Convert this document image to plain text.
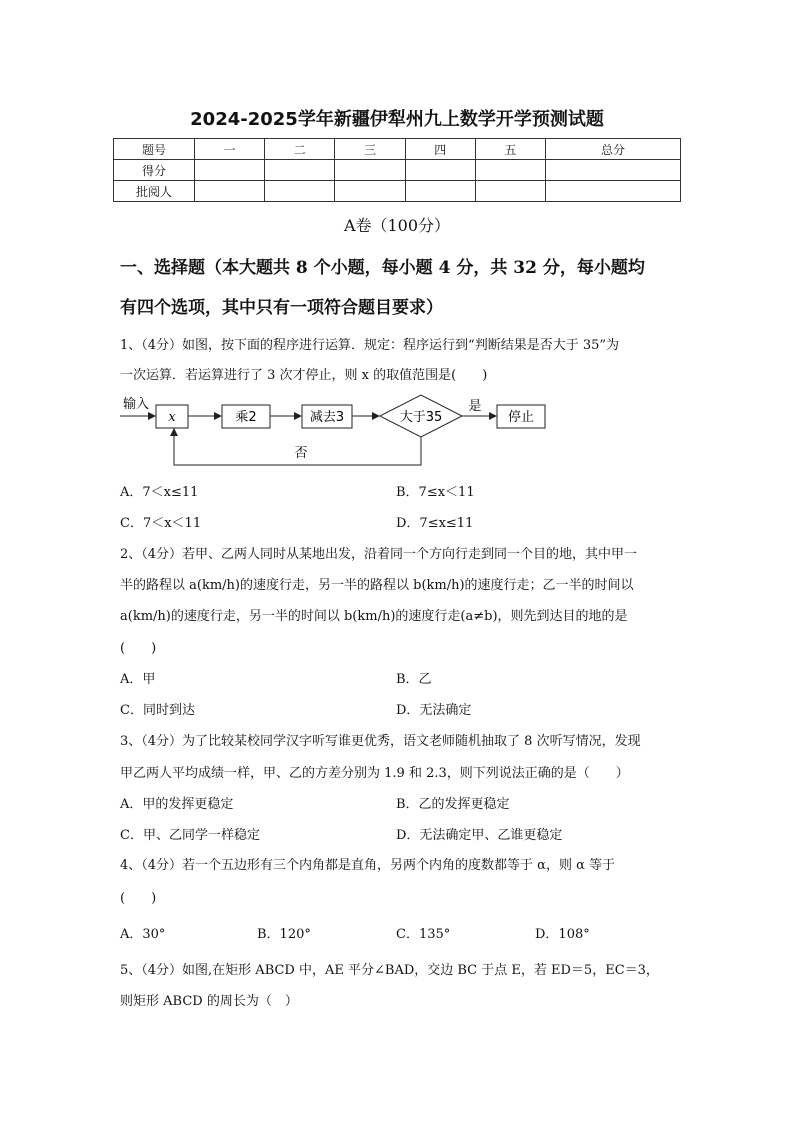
2024-2025学年新疆伊犁州九上数学开学预测试题
题号	一	二	三	四	五	总分
得分						
批阅人						
A卷（100分）
一、选择题（本大题共 8 个小题，每小题 4 分，共 32 分，每小题均
有四个选项，其中只有一项符合题目要求）
1、（4分）如图，按下面的程序进行运算．规定：程序运行到“判断结果是否大于 35”为
一次运算．若运算进行了 3 次才停止，则 x 的取值范围是(　　)
输入
x	乘2	减去3	大于35
是
停止
否
A．7＜x≤11	B．7≤x＜11
C．7＜x＜11	D．7≤x≤11
2、（4分）若甲、乙两人同时从某地出发，沿着同一个方向行走到同一个目的地，其中甲一
半的路程以 a(km/h)的速度行走，另一半的路程以 b(km/h)的速度行走；乙一半的时间以
a(km/h)的速度行走，另一半的时间以 b(km/h)的速度行走(a≠b)，则先到达目的地的是
(　　)
A．甲	B．乙
C．同时到达	D．无法确定
3、（4分）为了比较某校同学汉字听写谁更优秀，语文老师随机抽取了 8 次听写情况，发现
甲乙两人平均成绩一样，甲、乙的方差分别为 1.9 和 2.3，则下列说法正确的是（　　）
A．甲的发挥更稳定	B．乙的发挥更稳定
C．甲、乙同学一样稳定	D．无法确定甲、乙谁更稳定
4、（4分）若一个五边形有三个内角都是直角，另两个内角的度数都等于 α，则 α 等于
(　　)
A．30°	B．120°	C．135°	D．108°
5、（4分）如图,在矩形 ABCD 中，AE 平分∠BAD，交边 BC 于点 E，若 ED＝5，EC＝3，
则矩形 ABCD 的周长为（　）
